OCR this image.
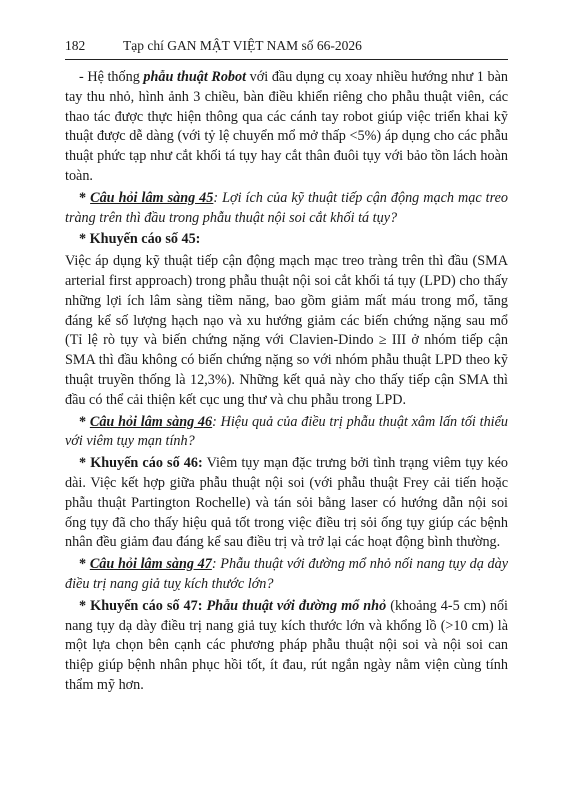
182	Tạp chí GAN MẬT VIỆT NAM số 66-2026

- Hệ thống phẫu thuật Robot với đầu dụng cụ xoay nhiều hướng như 1 bàn tay thu nhỏ, hình ảnh 3 chiều, bàn điều khiển riêng cho phẫu thuật viên, các thao tác được thực hiện thông qua các cánh tay robot giúp việc triển khai kỹ thuật được dễ dàng (với tỷ lệ chuyển mổ mở thấp <5%) áp dụng cho các phẫu thuật phức tạp như cắt khối tá tụy hay cắt thân đuôi tụy với bảo tồn lách hoàn toàn.

* Câu hỏi lâm sàng 45: Lợi ích của kỹ thuật tiếp cận động mạch mạc treo tràng trên thì đầu trong phẫu thuật nội soi cắt khối tá tụy?

* Khuyến cáo số 45:

Việc áp dụng kỹ thuật tiếp cận động mạch mạc treo tràng trên thì đầu (SMA arterial first approach) trong phẫu thuật nội soi cắt khối tá tụy (LPD) cho thấy những lợi ích lâm sàng tiềm năng, bao gồm giảm mất máu trong mổ, tăng đáng kể số lượng hạch nạo và xu hướng giảm các biến chứng nặng sau mổ (Tỉ lệ rò tụy và biến chứng nặng với Clavien-Dindo ≥ III ở nhóm tiếp cận SMA thì đầu không có biến chứng nặng so với nhóm phẫu thuật LPD theo kỹ thuật truyền thống là 12,3%). Những kết quả này cho thấy tiếp cận SMA thì đầu có thể cải thiện kết cục ung thư và chu phẫu trong LPD.

* Câu hỏi lâm sàng 46: Hiệu quả của điều trị phẫu thuật xâm lấn tối thiểu với viêm tụy mạn tính?

* Khuyến cáo số 46: Viêm tụy mạn đặc trưng bởi tình trạng viêm tụy kéo dài. Việc kết hợp giữa phẫu thuật nội soi (với phẫu thuật Frey cải tiến hoặc phẫu thuật Partington Rochelle) và tán sỏi bằng laser có hướng dẫn nội soi ống tụy đã cho thấy hiệu quả tốt trong việc điều trị sỏi ống tụy giúp các bệnh nhân đều giảm đau đáng kể sau điều trị và trở lại các hoạt động bình thường.

* Câu hỏi lâm sàng 47: Phẫu thuật với đường mổ nhỏ nối nang tụy dạ dày điều trị nang giả tuỵ kích thước lớn?

* Khuyến cáo số 47: Phẫu thuật với đường mổ nhỏ (khoảng 4-5 cm) nối nang tụy dạ dày điều trị nang giả tuỵ kích thước lớn và khổng lồ (>10 cm) là một lựa chọn bên cạnh các phương pháp phẫu thuật nội soi và nội soi can thiệp giúp bệnh nhân phục hồi tốt, ít đau, rút ngắn ngày nằm viện cùng tính thẩm mỹ hơn.
